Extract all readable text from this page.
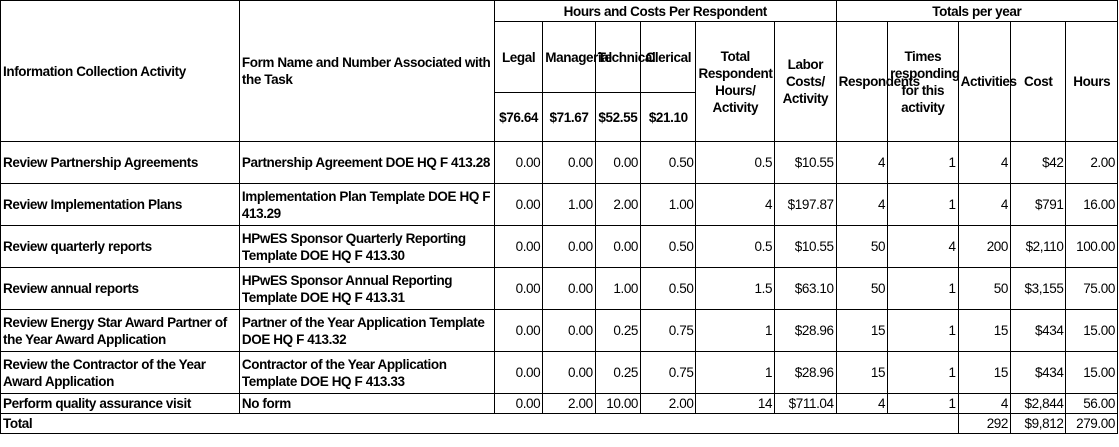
Information Collection Activity	Form Name and Number Associated with the Task	Hours and Costs Per Respondent						Totals per year				
		Legal	Managerial	Technical	Clerical	Total Respondent Hours/ Activity	Labor Costs/ Activity	Respondents	Times responding for this activity	Activities	Cost	Hours
		$76.64	$71.67	$52.55	$21.10							
Review Partnership Agreements	Partnership Agreement DOE HQ F 413.28	0.00	0.00	0.00	0.50	0.5	$10.55	4	1	4	$42	2.00
Review Implementation Plans	Implementation Plan Template DOE HQ F 413.29	0.00	1.00	2.00	1.00	4	$197.87	4	1	4	$791	16.00
Review quarterly reports	HPwES Sponsor Quarterly Reporting Template DOE HQ F 413.30	0.00	0.00	0.00	0.50	0.5	$10.55	50	4	200	$2,110	100.00
Review annual reports	HPwES Sponsor Annual Reporting Template DOE HQ F 413.31	0.00	0.00	1.00	0.50	1.5	$63.10	50	1	50	$3,155	75.00
Review Energy Star Award Partner of the Year Award Application	Partner of the Year Application Template DOE HQ F 413.32	0.00	0.00	0.25	0.75	1	$28.96	15	1	15	$434	15.00
Review the Contractor of the Year Award Application	Contractor of the Year Application Template DOE HQ F 413.33	0.00	0.00	0.25	0.75	1	$28.96	15	1	15	$434	15.00
Perform quality assurance visit	No form	0.00	2.00	10.00	2.00	14	$711.04	4	1	4	$2,844	56.00
Total										292	$9,812	279.00
